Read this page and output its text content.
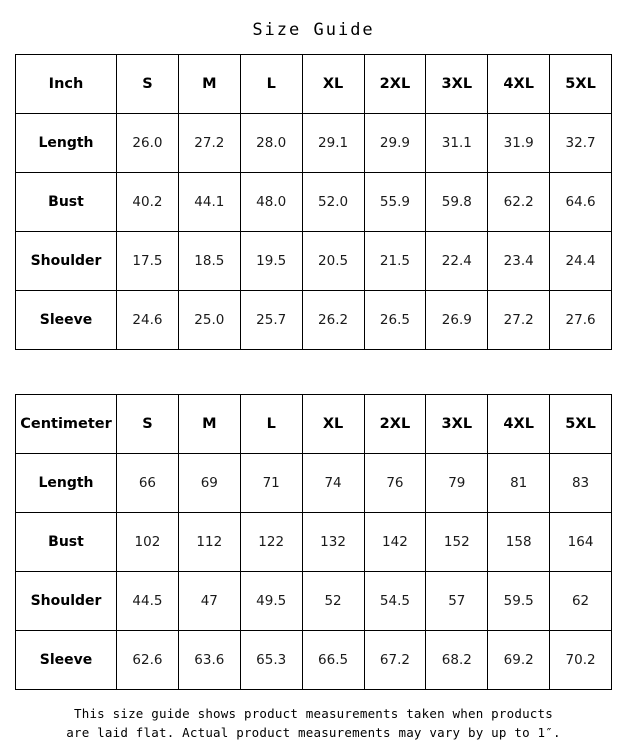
Size Guide
Inch	S	M	L	XL	2XL	3XL	4XL	5XL
Length	26.0	27.2	28.0	29.1	29.9	31.1	31.9	32.7
Bust	40.2	44.1	48.0	52.0	55.9	59.8	62.2	64.6
Shoulder	17.5	18.5	19.5	20.5	21.5	22.4	23.4	24.4
Sleeve	24.6	25.0	25.7	26.2	26.5	26.9	27.2	27.6
Centimeter	S	M	L	XL	2XL	3XL	4XL	5XL
Length	66	69	71	74	76	79	81	83
Bust	102	112	122	132	142	152	158	164
Shoulder	44.5	47	49.5	52	54.5	57	59.5	62
Sleeve	62.6	63.6	65.3	66.5	67.2	68.2	69.2	70.2
This size guide shows product measurements taken when products
are laid flat. Actual product measurements may vary by up to 1″.
